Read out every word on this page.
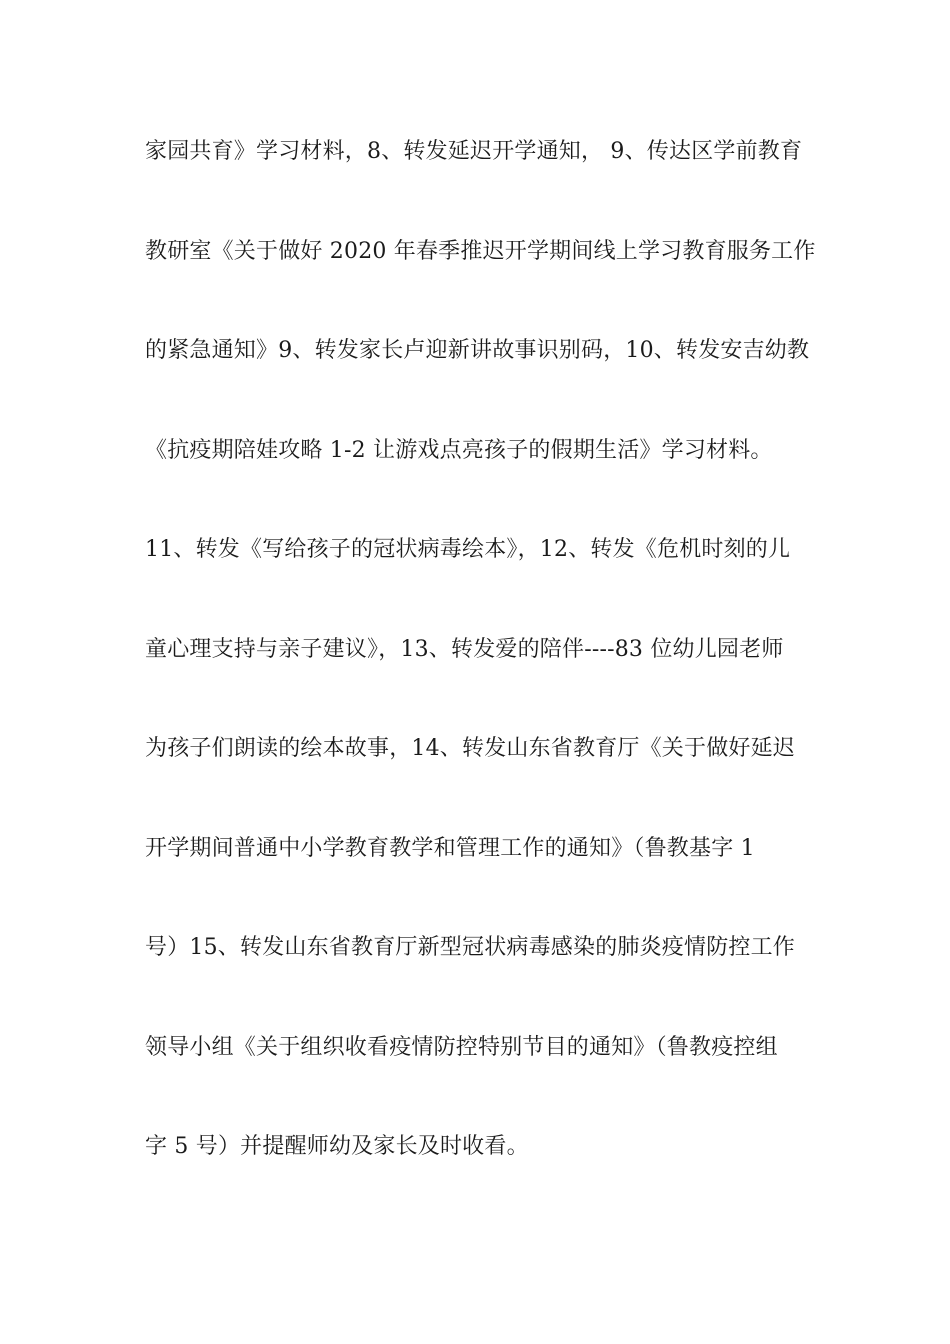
家园共育》学习材料，8、转发延迟开学通知， 9、传达区学前教育
教研室《关于做好 2020 年春季推迟开学期间线上学习教育服务工作
的紧急通知》9、转发家长卢迎新讲故事识别码，10、转发安吉幼教
《抗疫期陪娃攻略 1-2 让游戏点亮孩子的假期生活》学习材料。
11、转发《写给孩子的冠状病毒绘本》，12、转发《危机时刻的儿
童心理支持与亲子建议》，13、转发爱的陪伴----83 位幼儿园老师
为孩子们朗读的绘本故事，14、转发山东省教育厅《关于做好延迟
开学期间普通中小学教育教学和管理工作的通知》（鲁教基字 1
号）15、转发山东省教育厅新型冠状病毒感染的肺炎疫情防控工作
领导小组《关于组织收看疫情防控特别节目的通知》（鲁教疫控组
字 5 号）并提醒师幼及家长及时收看。
